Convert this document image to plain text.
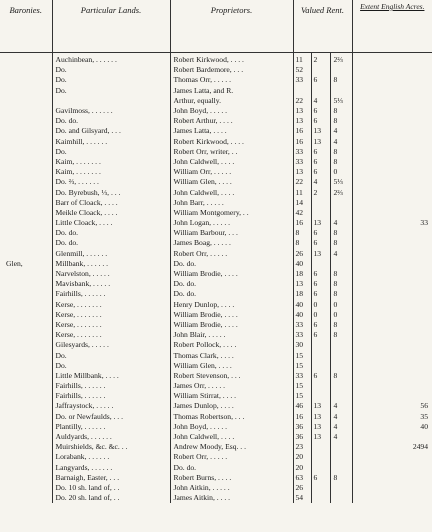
Baronies.	Particular Lands.	Proprietors.	Valued Rent.			Extent English Acres.
	Auchinbean, . . . . . .	Robert Kirkwood, . . . .	11	2	2⅔	
	Do.	Robert Bardemore, . . .	52			
	Do.	Thomas Orr, . . . . .	33	6	8	
	Do.	James Latta, and R.				
		Arthur, equally.	22	4	5⅓	
	Gavilmoss, . . . . . .	John Boyd, . . . . .	13	6	8	
	Do. do.	Robert Arthur, . . . .	13	6	8	
	Do. and Gilsyard, . . .	James Latta, . . . .	16	13	4	
	Kaimhill, . . . . . .	Robert Kirkwood, . . . .	16	13	4	
	Do.	Robert Orr, writer, . .	33	6	8	
	Kaim, . . . . . . .	John Caldwell, . . . .	33	6	8	
	Kaim, . . . . . . .	William Orr, . . . . .	13	6	0	
	Do. ⅔, . . . . . .	William Glen, . . . .	22	4	5⅓	
	Do. Byrebush, ⅓, . . .	John Caldwell, . . . .	11	2	2⅔	
	Barr of Cloack, . . . .	John Barr, . . . . .	14			
	Meikle Cloack, . . . .	William Montgomery, . .	42			
	Little Cloack, . . . .	John Logan, . . . . .	16	13	4	33
	Do. do.	William Barbour, . . .	8	6	8	
	Do. do.	James Boag, . . . . .	8	6	8	
	Glenmill, . . . . . .	Robert Orr, . . . . .	26	13	4	
Glen,	Millbank, . . . . . .	Do. do.	40			
	Narvelston, . . . . .	William Brodie, . . . .	18	6	8	
	Mavisbank, . . . . .	Do. do.	13	6	8	
	Fairhills, . . . . . .	Do. do.	18	6	8	
	Kerse, . . . . . . .	Henry Dunlop, . . . .	40	0	0	
	Kerse, . . . . . . .	William Brodie, . . . .	40	0	0	
	Kerse, . . . . . . .	William Brodie, . . . .	33	6	8	
	Kerse, . . . . . . .	John Blair, . . . . .	33	6	8	
	Gilesyards, . . . . .	Robert Pollock, . . . .	30			
	Do.	Thomas Clark, . . . .	15			
	Do.	William Glen, . . . .	15			
	Little Millbank, . . . .	Robert Stevenson, . . .	33	6	8	
	Fairhills, . . . . . .	James Orr, . . . . .	15			
	Fairhills, . . . . . .	William Stirrat, . . . .	15			
	Jaffraystock, . . . . .	James Dunlop, . . . .	46	13	4	56
	Do. or Newfaulds, . . .	Thomas Robertson, . . .	16	13	4	35
	Plantilly, . . . . . .	John Boyd, . . . . .	36	13	4	40
	Auldyards, . . . . . .	John Caldwell, . . . .	36	13	4	
	Muirshields, &c. &c. . .	Andrew Moody, Esq. . .	23			2494
	Lorabank, . . . . . .	Robert Orr, . . . . .	20			
	Langyards, . . . . . .	Do. do.	20			
	Barnaigh, Easter, . . .	Robert Burns, . . . .	63	6	8	
	Do. 10 sh. land of, . .	John Aitkin, . . . . .	26			
	Do. 20 sh. land of, . .	James Aitkin, . . . .	54			
